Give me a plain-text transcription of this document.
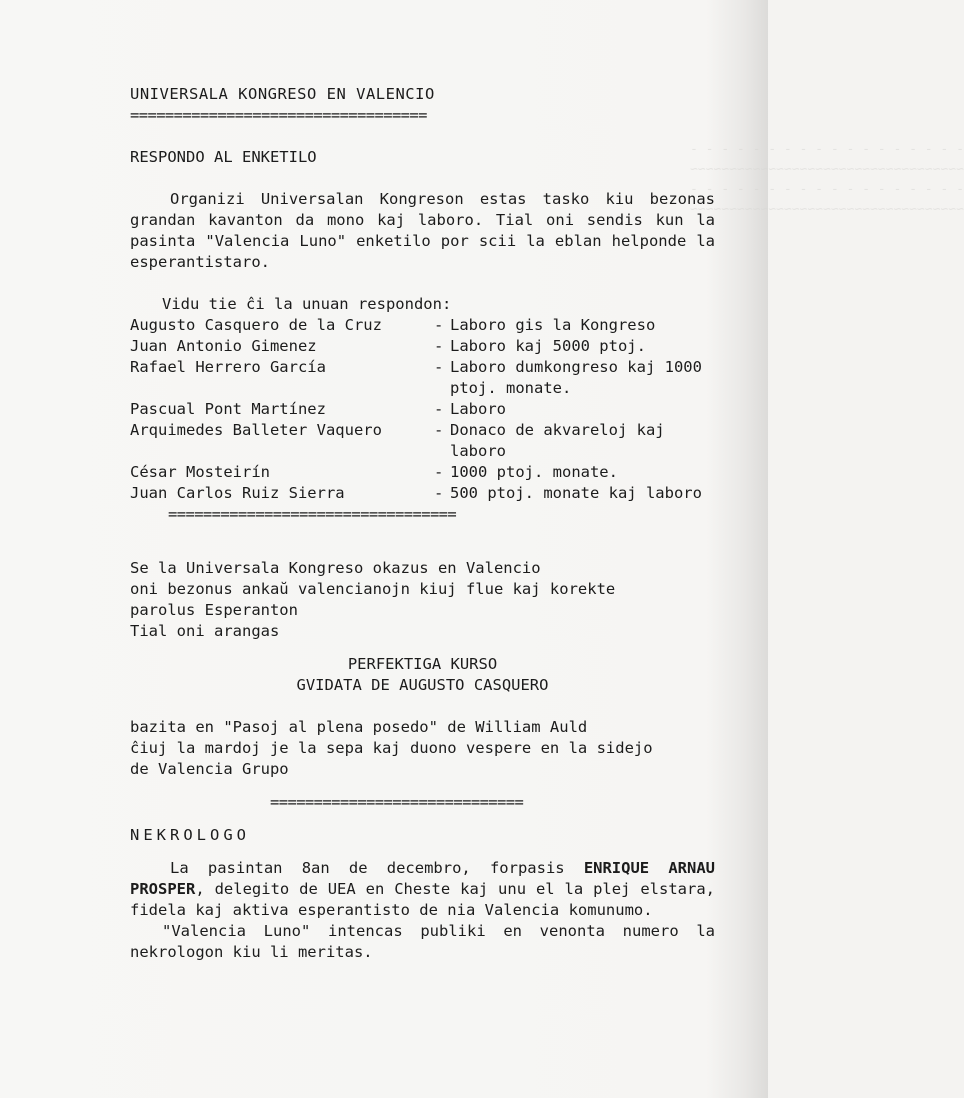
- - - - - - - - - - - - - - - - - -
~~~~~~~~~~~~~~~~~~~~~~~~~~~~~~~~~~~
- - - - - - - - - - - - - - - - - -
~~~~~~~~~~~~~~~~~~~~~~~~~~~~~~~~~~~
UNIVERSALA KONGRESO EN VALENCIO
==================================
RESPONDO AL ENKETILO
Organizi Universalan Kongreson estas tasko kiu bezonas grandan kavanton da mono kaj laboro. Tial oni sendis kun la pasinta "Valencia Luno" enketilo por scii la eblan helponde la esperantistaro.
Vidu tie ĉi la unuan respondon:
Augusto Casquero de la Cruz	- Laboro gis la Kongreso
Juan Antonio Gimenez	- Laboro kaj 5000 ptoj.
Rafael Herrero García	- Laboro dumkongreso kaj 1000 ptoj. monate.
Pascual Pont Martínez	- Laboro
Arquimedes Balleter Vaquero	- Donaco de akvareloj kaj laboro
César Mosteirín	- 1000 ptoj. monate.
Juan Carlos Ruiz Sierra	- 500 ptoj. monate kaj laboro
=================================
Se la Universala Kongreso okazus en Valencio
oni bezonus ankaŭ valencianojn kiuj flue kaj korekte
parolus Esperanton
Tial oni arangas
PERFEKTIGA KURSO
GVIDATA DE AUGUSTO CASQUERO
bazita en "Pasoj al plena posedo" de William Auld
ĉiuj la mardoj je la sepa kaj duono vespere en la sidejo
de Valencia Grupo
=============================
NEKROLOGO
La pasintan 8an de decembro, forpasis ENRIQUE ARNAU PROSPER, delegito de UEA en Cheste kaj unu el la plej elstara, fidela kaj aktiva esperantisto de nia Valencia komunumo.
"Valencia Luno" intencas publiki en venonta numero la nekrologon kiu li meritas.
